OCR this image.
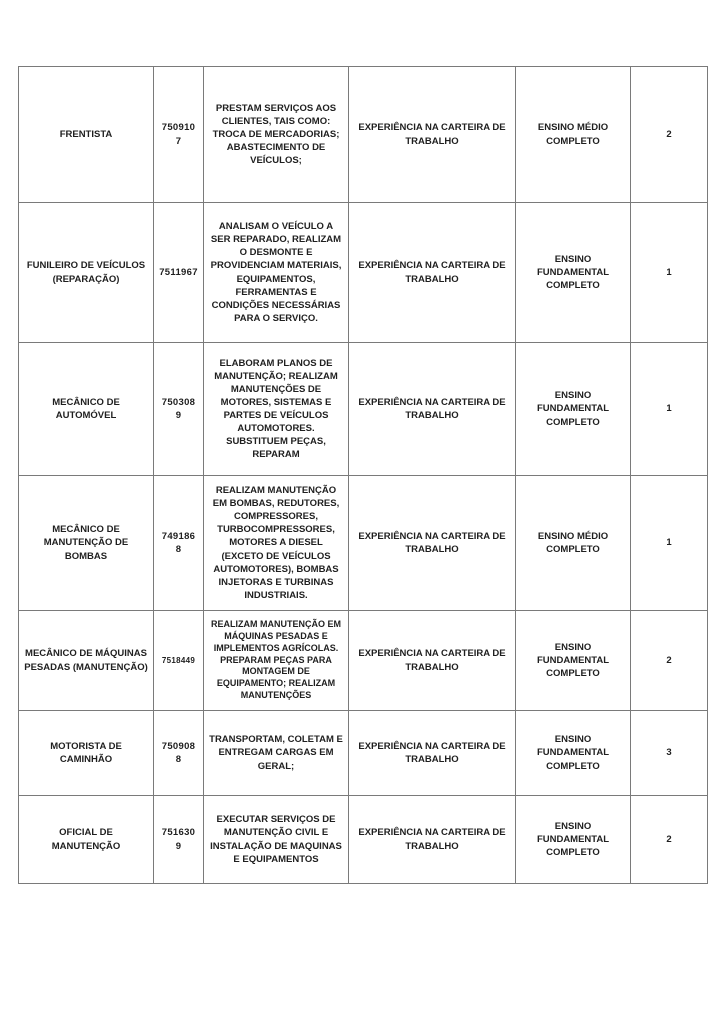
FRENTISTA	7509107	PRESTAM SERVIÇOS AOS CLIENTES, TAIS COMO: TROCA DE MERCADORIAS; ABASTECIMENTO DE VEÍCULOS;	EXPERIÊNCIA NA CARTEIRA DE TRABALHO	ENSINO MÉDIO COMPLETO	2
FUNILEIRO DE VEÍCULOS (REPARAÇÃO)	7511967	ANALISAM O VEÍCULO A SER REPARADO, REALIZAM O DESMONTE E PROVIDENCIAM MATERIAIS, EQUIPAMENTOS, FERRAMENTAS E CONDIÇÕES NECESSÁRIAS PARA O SERVIÇO.	EXPERIÊNCIA NA CARTEIRA DE TRABALHO	ENSINO FUNDAMENTAL COMPLETO	1
MECÂNICO DE AUTOMÓVEL	7503089	ELABORAM PLANOS DE MANUTENÇÃO; REALIZAM MANUTENÇÕES DE MOTORES, SISTEMAS E PARTES DE VEÍCULOS AUTOMOTORES. SUBSTITUEM PEÇAS, REPARAM	EXPERIÊNCIA NA CARTEIRA DE TRABALHO	ENSINO FUNDAMENTAL COMPLETO	1
MECÂNICO DE MANUTENÇÃO DE BOMBAS	7491868	REALIZAM MANUTENÇÃO EM BOMBAS, REDUTORES, COMPRESSORES, TURBOCOMPRESSORES, MOTORES A DIESEL (EXCETO DE VEÍCULOS AUTOMOTORES), BOMBAS INJETORAS E TURBINAS INDUSTRIAIS.	EXPERIÊNCIA NA CARTEIRA DE TRABALHO	ENSINO MÉDIO COMPLETO	1
MECÂNICO DE MÁQUINAS PESADAS (MANUTENÇÃO)	7518449	REALIZAM MANUTENÇÃO EM MÁQUINAS PESADAS E IMPLEMENTOS AGRÍCOLAS. PREPARAM PEÇAS PARA MONTAGEM DE EQUIPAMENTO; REALIZAM MANUTENÇÕES	EXPERIÊNCIA NA CARTEIRA DE TRABALHO	ENSINO FUNDAMENTAL COMPLETO	2
MOTORISTA DE CAMINHÃO	7509088	TRANSPORTAM, COLETAM E ENTREGAM CARGAS EM GERAL;	EXPERIÊNCIA NA CARTEIRA DE TRABALHO	ENSINO FUNDAMENTAL COMPLETO	3
OFICIAL DE MANUTENÇÃO	7516309	EXECUTAR SERVIÇOS DE MANUTENÇÃO CIVIL E INSTALAÇÃO DE MAQUINAS E EQUIPAMENTOS	EXPERIÊNCIA NA CARTEIRA DE TRABALHO	ENSINO FUNDAMENTAL COMPLETO	2
